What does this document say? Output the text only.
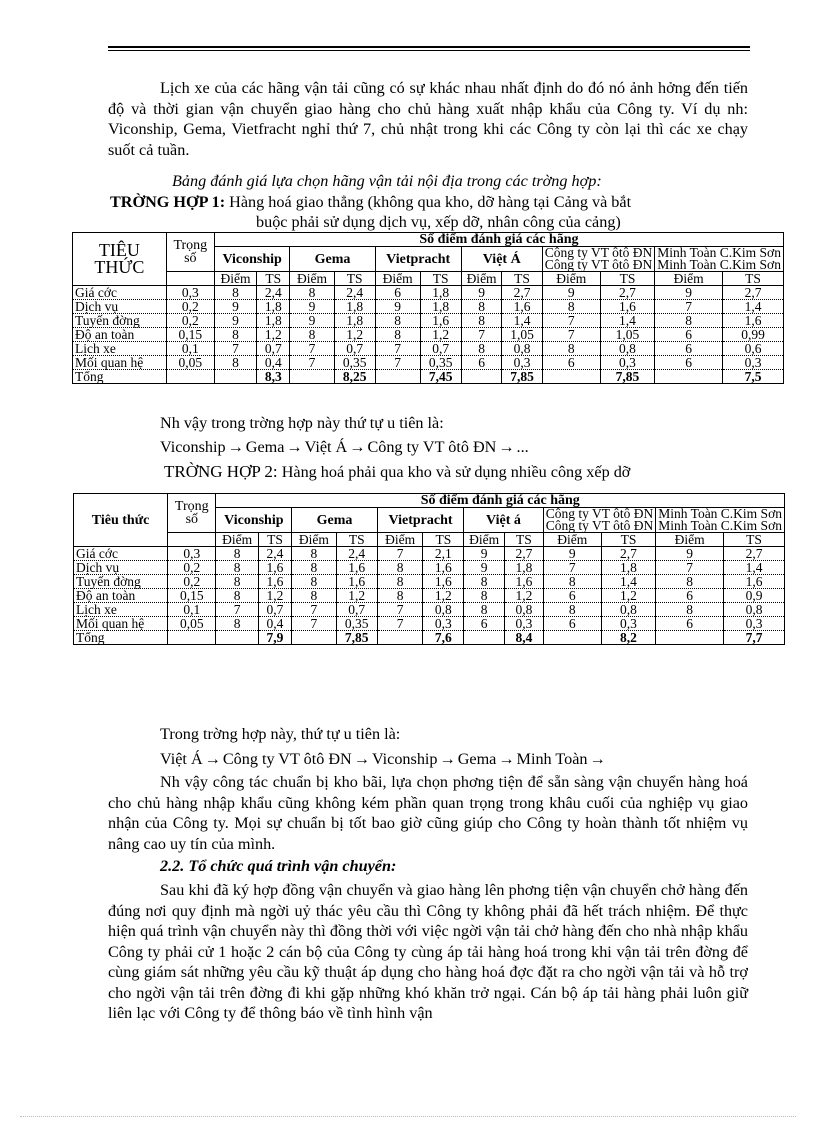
Lịch xe của các hãng vận tải cũng có sự khác nhau nhất định do đó nó ảnh hởng đến tiến độ và thời gian vận chuyển giao hàng cho chủ hàng xuất nhập khẩu của Công ty. Ví dụ nh: Viconship, Gema, Vietfracht nghỉ thứ 7, chủ nhật trong khi các Công ty còn lại thì các xe chạy suốt cả tuần.

Bảng đánh giá lựa chọn hãng vận tải nội địa trong các trờng hợp:

TRỜNG HỢP 1: Hàng hoá giao thẳng (không qua kho, dỡ hàng tại Cảng và bắt

buộc phải sử dụng dịch vụ, xếp dỡ, nhân công của cảng)

TIÊU
THỨC	Trọng
số	Số điểm đánh giá các hãng											
		Viconship		Gema		Vietpracht		Việt Á		Công ty VT ôtô ĐN
Công ty VT ôtô ĐN		Minh Toàn C.Kim Sơn
Minh Toàn C.Kim Sơn	
		Điểm	TS	Điểm	TS	Điểm	TS	Điểm	TS	Điểm	TS	Điểm	TS
Giá cớc	0,3	8	2,4	8	2,4	6	1,8	9	2,7	9	2,7	9	2,7
Dịch vụ	0,2	9	1,8	9	1,8	9	1,8	8	1,6	8	1,6	7	1,4
Tuyến đờng	0,2	9	1,8	9	1,8	8	1,6	8	1,4	7	1,4	8	1,6
Độ an toàn	0,15	8	1,2	8	1,2	8	1,2	7	1,05	7	1,05	6	0,99
Lịch xe	0,1	7	0,7	7	0,7	7	0,7	8	0,8	8	0,8	6	0,6
Mối quan hệ	0,05	8	0,4	7	0,35	7	0,35	6	0,3	6	0,3	6	0,3
Tổng			8,3		8,25		7,45		7,85		7,85		7,5

Nh vậy trong trờng hợp này thứ tự u tiên là:

Viconship → Gema → Việt Á → Công ty VT ôtô ĐN → ...

TRỜNG HỢP 2: Hàng hoá phải qua kho và sử dụng nhiều công xếp dỡ

Tiêu thức	Trọng
số	Số điểm đánh giá các hãng											
		Viconship		Gema		Vietpracht		Việt á		Công ty VT ôtô ĐN
Công ty VT ôtô ĐN		Minh Toàn C.Kim Sơn
Minh Toàn C.Kim Sơn	
		Điểm	TS	Điểm	TS	Điểm	TS	Điểm	TS	Điểm	TS	Điểm	TS
Giá cớc	0,3	8	2,4	8	2,4	7	2,1	9	2,7	9	2,7	9	2,7
Dịch vụ	0,2	8	1,6	8	1,6	8	1,6	9	1,8	7	1,8	7	1,4
Tuyến đờng	0,2	8	1,6	8	1,6	8	1,6	8	1,6	8	1,4	8	1,6
Độ an toàn	0,15	8	1,2	8	1,2	8	1,2	8	1,2	6	1,2	6	0,9
Lịch xe	0,1	7	0,7	7	0,7	7	0,8	8	0,8	8	0,8	8	0,8
Mối quan hệ	0,05	8	0,4	7	0,35	7	0,3	6	0,3	6	0,3	6	0,3
Tổng			7,9		7,85		7,6		8,4		8,2		7,7

Trong trờng hợp này, thứ tự u tiên là:

Việt Á → Công ty VT ôtô ĐN → Viconship → Gema → Minh Toàn →

Nh vậy công tác chuẩn bị kho bãi, lựa chọn phơng tiện để sẵn sàng vận chuyển hàng hoá cho chủ hàng nhập khẩu cũng không kém phần quan trọng trong khâu cuối của nghiệp vụ giao nhận của Công ty. Mọi sự chuẩn bị tốt bao giờ cũng giúp cho Công ty hoàn thành tốt nhiệm vụ nâng cao uy tín của mình.

2.2. Tổ chức quá trình vận chuyển:

Sau khi đã ký hợp đồng vận chuyển và giao hàng lên phơng tiện vận chuyển chở hàng đến đúng nơi quy định mà ngời uỷ thác yêu cầu thì Công ty không phải đã hết trách nhiệm. Để thực hiện quá trình vận chuyển này thì đồng thời với việc ngời vận tải chở hàng đến cho nhà nhập khẩu Công ty phải cử 1 hoặc 2 cán bộ của Công ty cùng áp tải hàng hoá trong khi vận tải trên đờng để cùng giám sát những yêu cầu kỹ thuật áp dụng cho hàng hoá đợc đặt ra cho ngời vận tải và hỗ trợ cho ngời vận tải trên đờng đi khi gặp những khó khăn trở ngại. Cán bộ áp tải hàng phải luôn giữ liên lạc với Công ty để thông báo về tình hình vận
